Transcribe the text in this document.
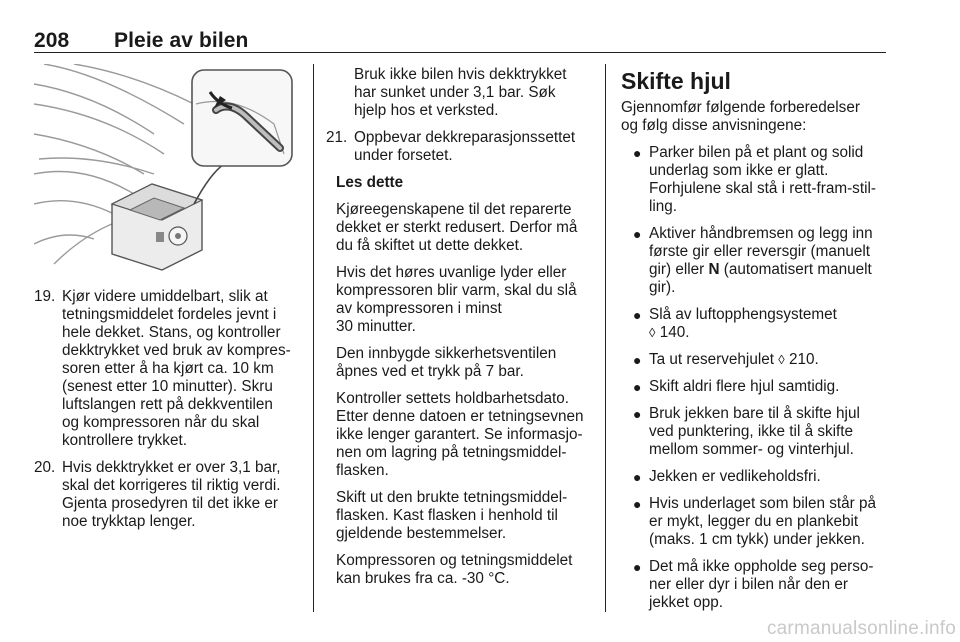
208 Pleie av bilen
19. Kjør videre umiddelbart, slik at
tetningsmiddelet fordeles jevnt i
hele dekket. Stans, og kontroller
dekktrykket ved bruk av kompres-
soren etter å ha kjørt ca. 10 km
(senest etter 10 minutter). Skru
luftslangen rett på dekkventilen
og kompressoren når du skal
kontrollere trykket.
20. Hvis dekktrykket er over 3,1 bar,
skal det korrigeres til riktig verdi.
Gjenta prosedyren til det ikke er
noe trykktap lenger.
Bruk ikke bilen hvis dekktrykket
har sunket under 3,1 bar. Søk
hjelp hos et verksted.
21. Oppbevar dekkreparasjonssettet
under forsetet.

Les dette

Kjøreegenskapene til det reparerte
dekket er sterkt redusert. Derfor må
du få skiftet ut dette dekket.

Hvis det høres uvanlige lyder eller
kompressoren blir varm, skal du slå
av kompressoren i minst
30 minutter.

Den innbygde sikkerhetsventilen
åpnes ved et trykk på 7 bar.

Kontroller settets holdbarhetsdato.
Etter denne datoen er tetningsevnen
ikke lenger garantert. Se informasjo-
nen om lagring på tetningsmiddel-
flasken.

Skift ut den brukte tetningsmiddel-
flasken. Kast flasken i henhold til
gjeldende bestemmelser.

Kompressoren og tetningsmiddelet
kan brukes fra ca. -30 °C.

Skifte hjul

Gjennomfør følgende forberedelser
og følg disse anvisningene:

● Parker bilen på et plant og solid
underlag som ikke er glatt.
Forhjulene skal stå i rett-fram-stil-
ling.
● Aktiver håndbremsen og legg inn
første gir eller reversgir (manuelt
gir) eller N (automatisert manuelt
gir).
● Slå av luftopphengsystemet
◊ 140.
● Ta ut reservehjulet ◊ 210.
● Skift aldri flere hjul samtidig.
● Bruk jekken bare til å skifte hjul
ved punktering, ikke til å skifte
mellom sommer- og vinterhjul.
● Jekken er vedlikeholdsfri.
● Hvis underlaget som bilen står på
er mykt, legger du en plankebit
(maks. 1 cm tykk) under jekken.
● Det må ikke oppholde seg perso-
ner eller dyr i bilen når den er
jekket opp.
carmanualsonline.info
